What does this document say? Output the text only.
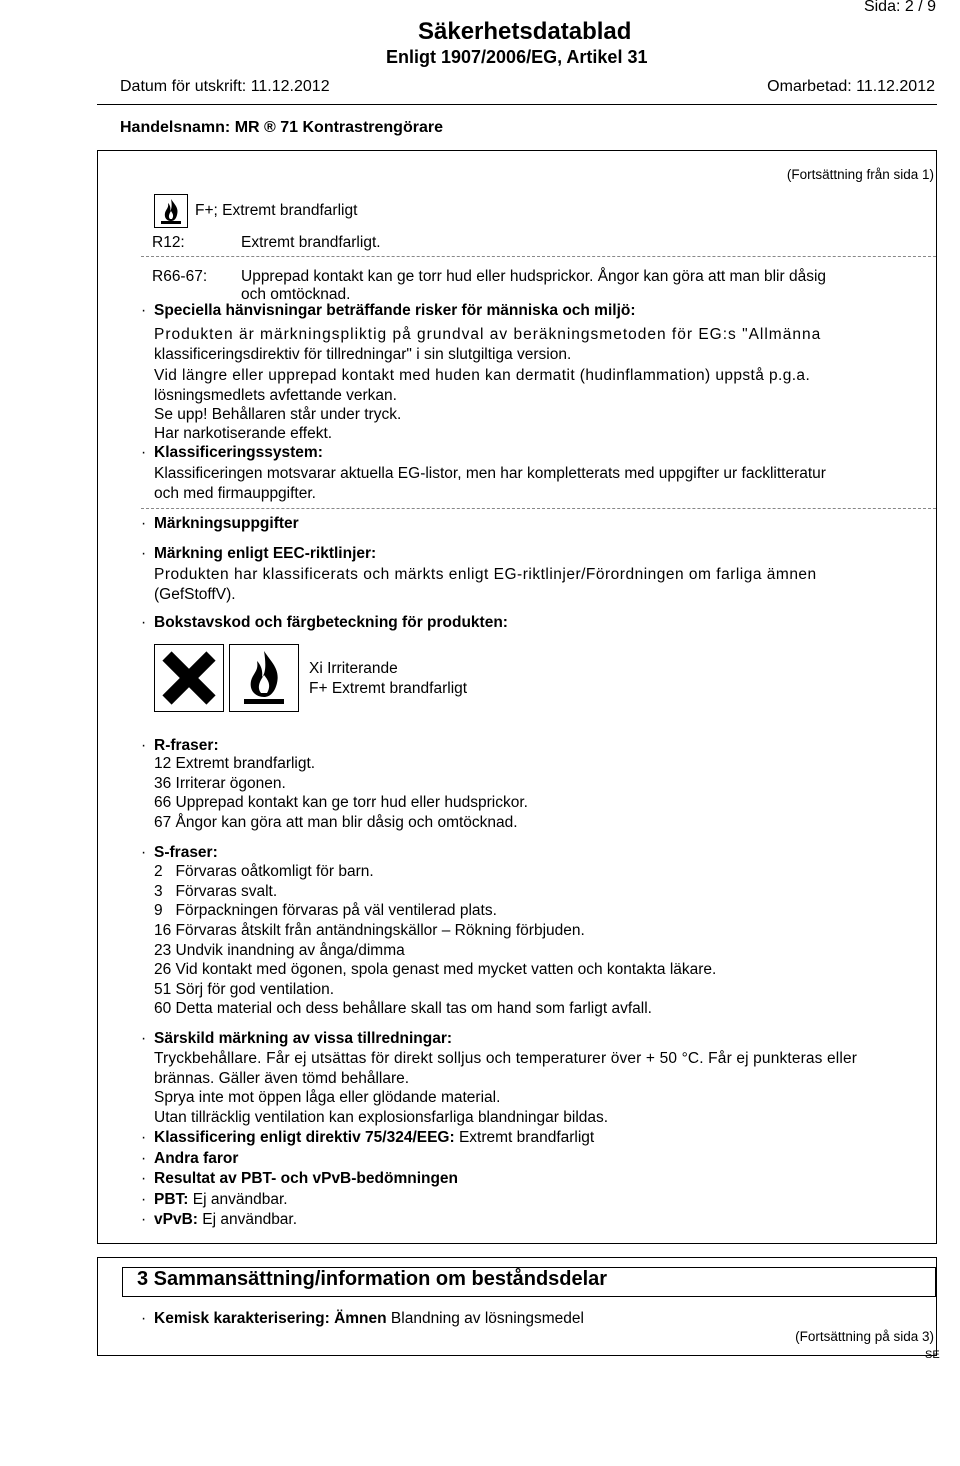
Sida: 2 / 9
Säkerhetsdatablad
Enligt 1907/2006/EG, Artikel 31
Datum för utskrift: 11.12.2012	Omarbetad: 11.12.2012
Handelsnamn: MR ® 71 Kontrastrengörare
(Fortsättning från sida 1)
F+; Extremt brandfarligt
R12:	Extremt brandfarligt.
R66-67: Upprepad kontakt kan ge torr hud eller hudsprickor. Ångor kan göra att man blir dåsig
och omtöcknad.
· Speciella hänvisningar beträffande risker för människa och miljö:
Produkten är märkningspliktig på grundval av beräkningsmetoden för EG:s "Allmänna
klassificeringsdirektiv för tillredningar" i sin slutgiltiga version.
Vid längre eller upprepad kontakt med huden kan dermatit (hudinflammation) uppstå p.g.a.
lösningsmedlets avfettande verkan.
Se upp! Behållaren står under tryck.
Har narkotiserande effekt.
· Klassificeringssystem:
Klassificeringen motsvarar aktuella EG-listor, men har kompletterats med uppgifter ur facklitteratur
och med firmauppgifter.
· Märkningsuppgifter
· Märkning enligt EEC-riktlinjer:
Produkten har klassificerats och märkts enligt EG-riktlinjer/Förordningen om farliga ämnen
(GefStoffV).
· Bokstavskod och färgbeteckning för produkten:
Xi Irriterande
F+ Extremt brandfarligt
· R-fraser:
12 Extremt brandfarligt.
36 Irriterar ögonen.
66 Upprepad kontakt kan ge torr hud eller hudsprickor.
67 Ångor kan göra att man blir dåsig och omtöcknad.
· S-fraser:
2   Förvaras oåtkomligt för barn.
3   Förvaras svalt.
9   Förpackningen förvaras på väl ventilerad plats.
16 Förvaras åtskilt från antändningskällor – Rökning förbjuden.
23 Undvik inandning av ånga/dimma
26 Vid kontakt med ögonen, spola genast med mycket vatten och kontakta läkare.
51 Sörj för god ventilation.
60 Detta material och dess behållare skall tas om hand som farligt avfall.
· Särskild märkning av vissa tillredningar:
Tryckbehållare. Får ej utsättas för direkt solljus och temperaturer över + 50 °C. Får ej punkteras eller
brännas. Gäller även tömd behållare.
Sprya inte mot öppen låga eller glödande material.
Utan tillräcklig ventilation kan explosionsfarliga blandningar bildas.
· Klassificering enligt direktiv 75/324/EEG: Extremt brandfarligt
· Andra faror
· Resultat av PBT- och vPvB-bedömningen
· PBT: Ej användbar.
· vPvB: Ej användbar.
3 Sammansättning/information om beståndsdelar
· Kemisk karakterisering: Ämnen Blandning av lösningsmedel
(Fortsättning på sida 3)
SE
